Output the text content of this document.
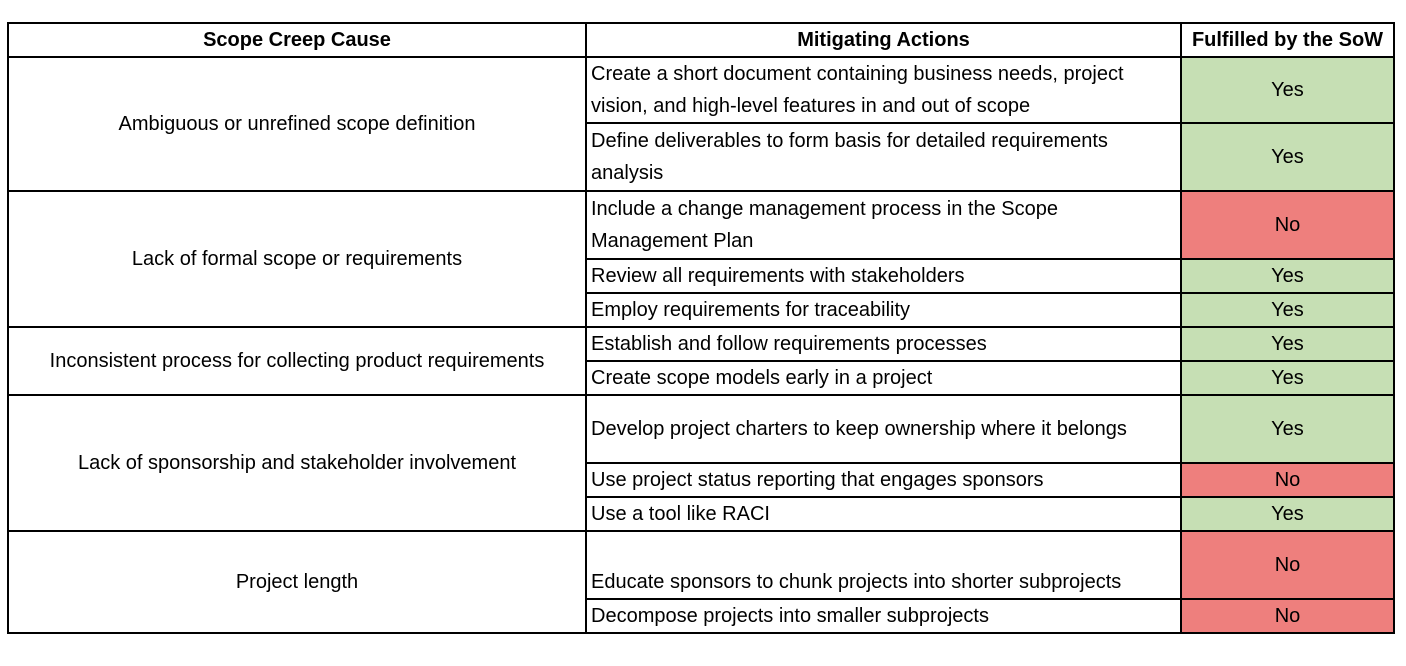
Scope Creep Cause	Mitigating Actions	Fulfilled by the SoW
Ambiguous or unrefined scope definition	Create a short document containing business needs, project vision, and high-level features in and out of scope	Yes
	Define deliverables to form basis for detailed requirements analysis	Yes
Lack of formal scope or requirements	Include a change management process in the Scope Management Plan	No
	Review all requirements with stakeholders	Yes
	Employ requirements for traceability	Yes
Inconsistent process for collecting product requirements	Establish and follow requirements processes	Yes
	Create scope models early in a project	Yes
Lack of sponsorship and stakeholder involvement	Develop project charters to keep ownership where it belongs	Yes
	Use project status reporting that engages sponsors	No
	Use a tool like RACI	Yes
Project length	Educate sponsors to chunk projects into shorter subprojects	No
	Decompose projects into smaller subprojects	No
